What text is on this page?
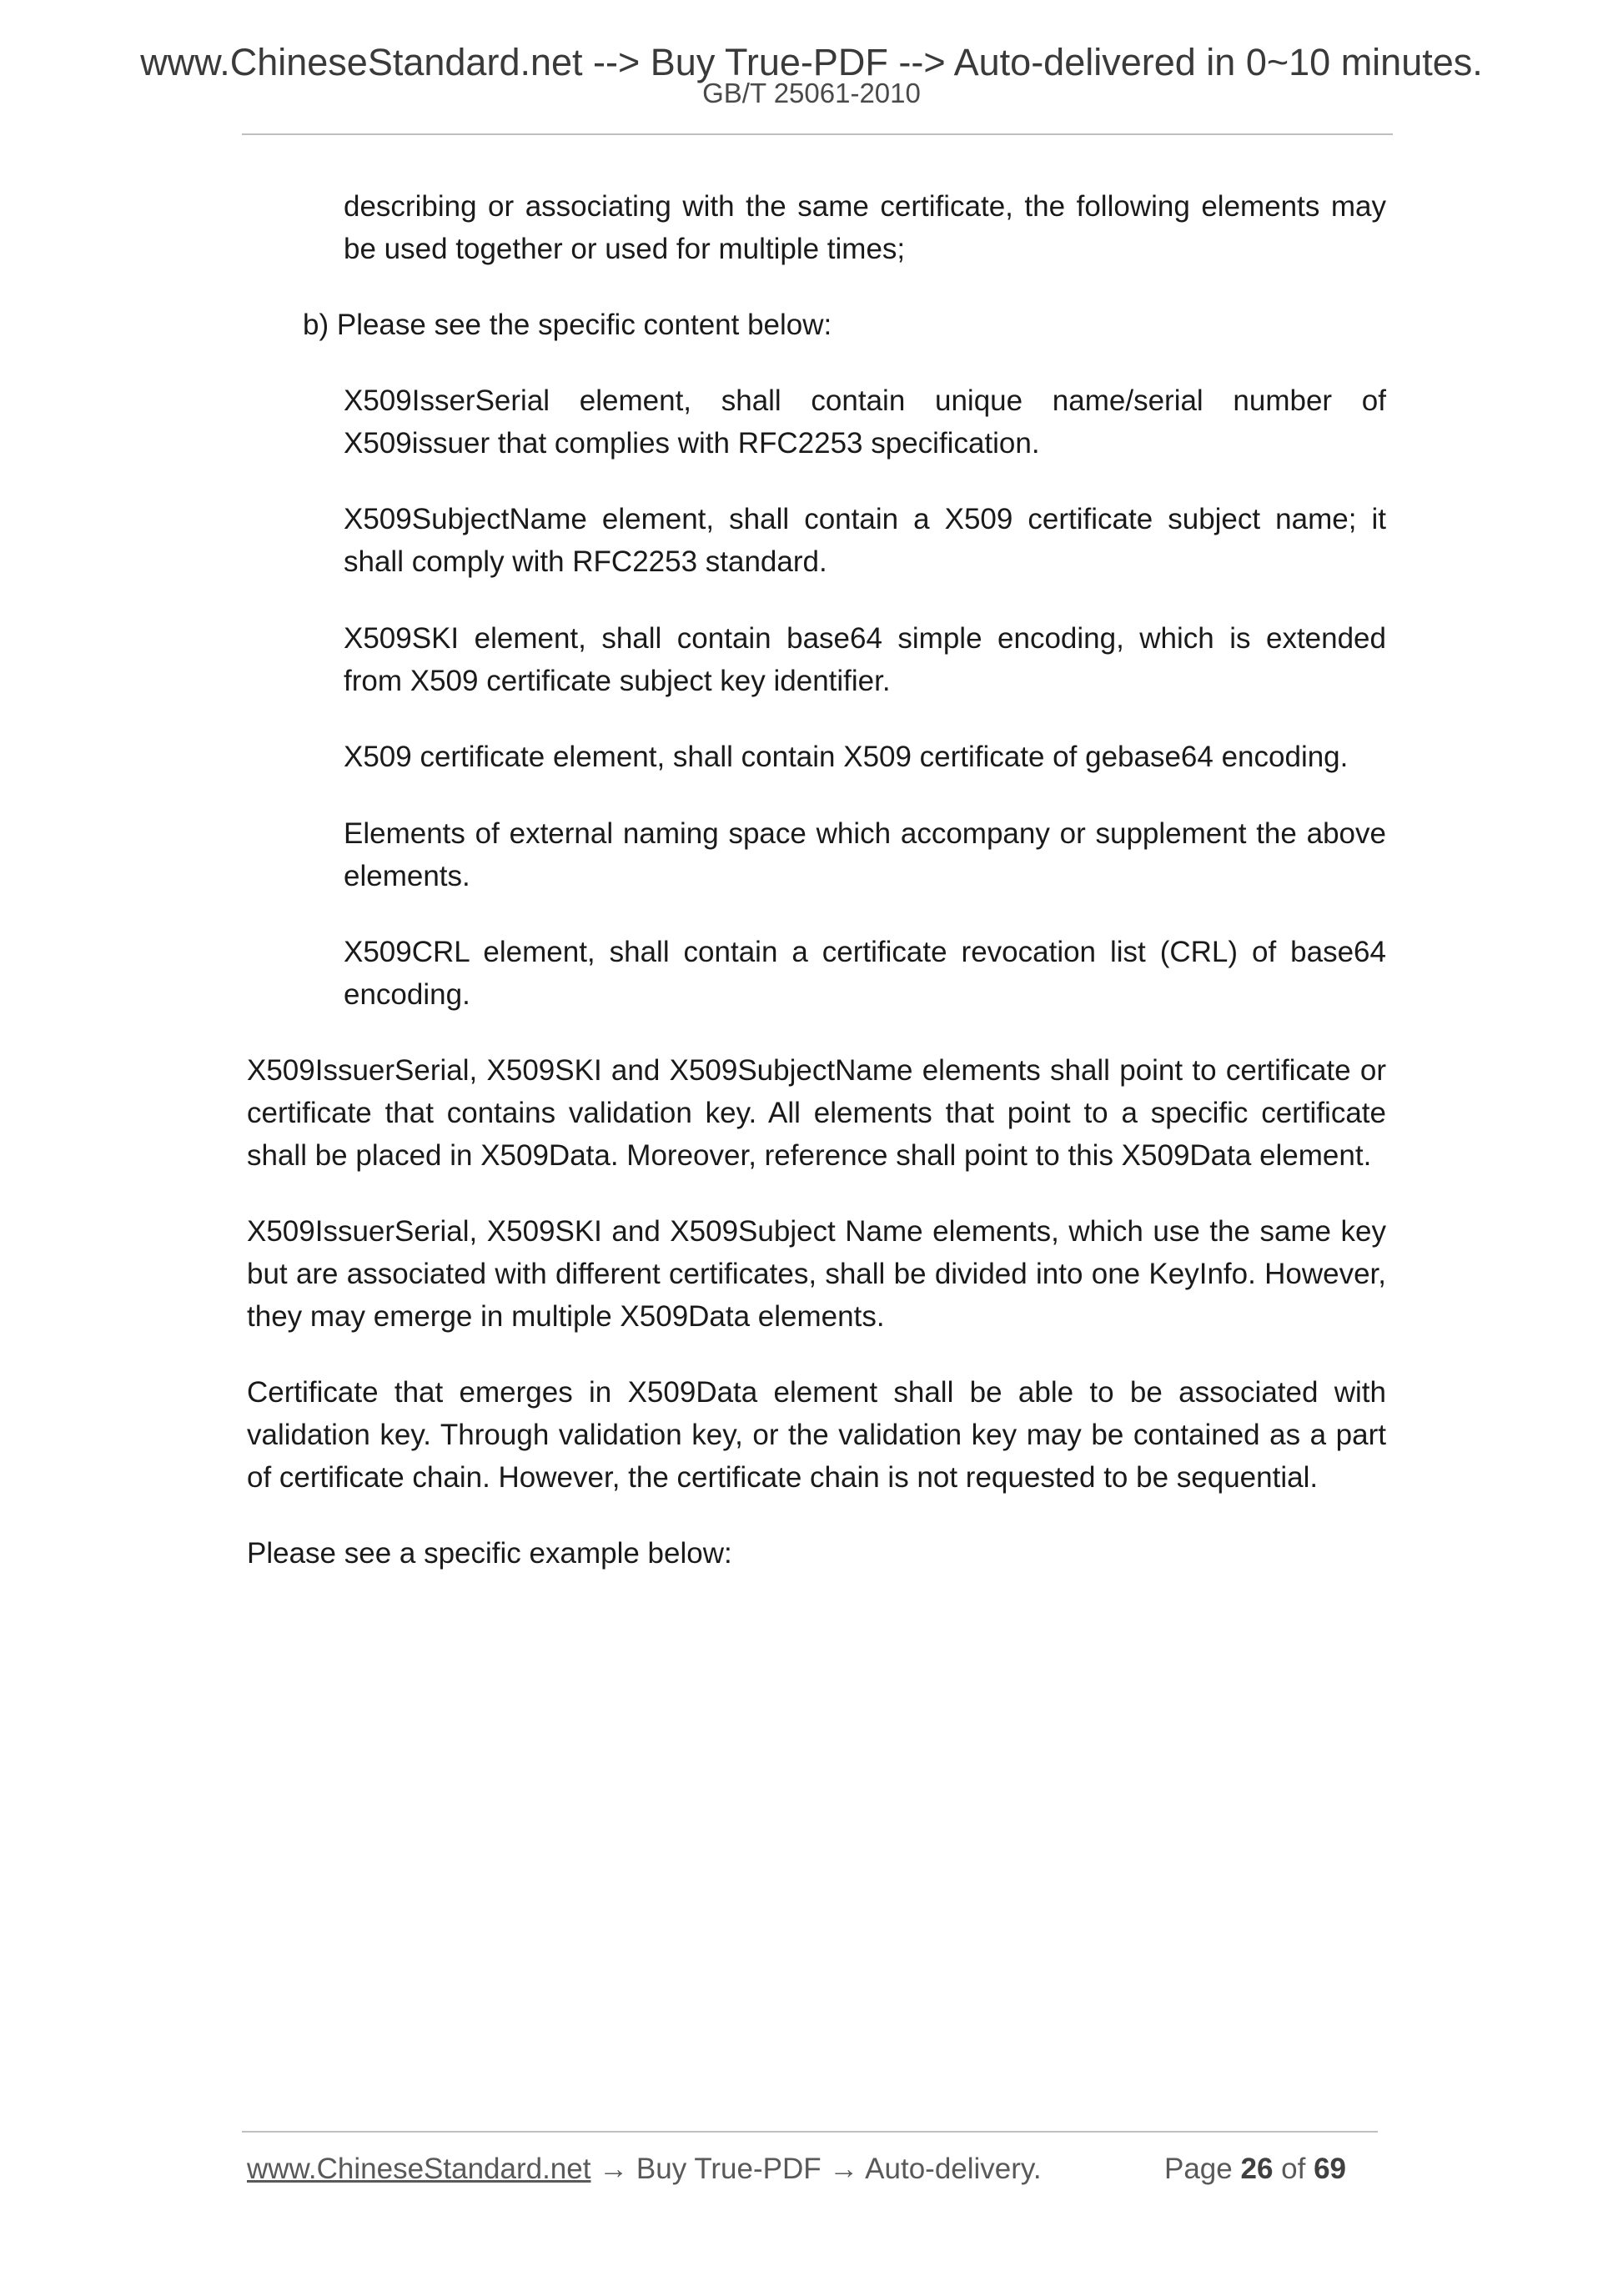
www.ChineseStandard.net --> Buy True-PDF --> Auto-delivered in 0~10 minutes.
GB/T 25061-2010

describing or associating with the same certificate, the following elements may be used together or used for multiple times;

b) Please see the specific content below:

X509IsserSerial element, shall contain unique name/serial number of X509issuer that complies with RFC2253 specification.

X509SubjectName element, shall contain a X509 certificate subject name; it shall comply with RFC2253 standard.

X509SKI element, shall contain base64 simple encoding, which is extended from X509 certificate subject key identifier.

X509 certificate element, shall contain X509 certificate of gebase64 encoding.

Elements of external naming space which accompany or supplement the above elements.

X509CRL element, shall contain a certificate revocation list (CRL) of base64 encoding.

X509IssuerSerial, X509SKI and X509SubjectName elements shall point to certificate or certificate that contains validation key. All elements that point to a specific certificate shall be placed in X509Data. Moreover, reference shall point to this X509Data element.

X509IssuerSerial, X509SKI and X509Subject Name elements, which use the same key but are associated with different certificates, shall be divided into one KeyInfo. However, they may emerge in multiple X509Data elements.

Certificate that emerges in X509Data element shall be able to be associated with validation key. Through validation key, or the validation key may be contained as a part of certificate chain. However, the certificate chain is not requested to be sequential.

Please see a specific example below:

www.ChineseStandard.net → Buy True-PDF → Auto-delivery.	Page 26 of 69
